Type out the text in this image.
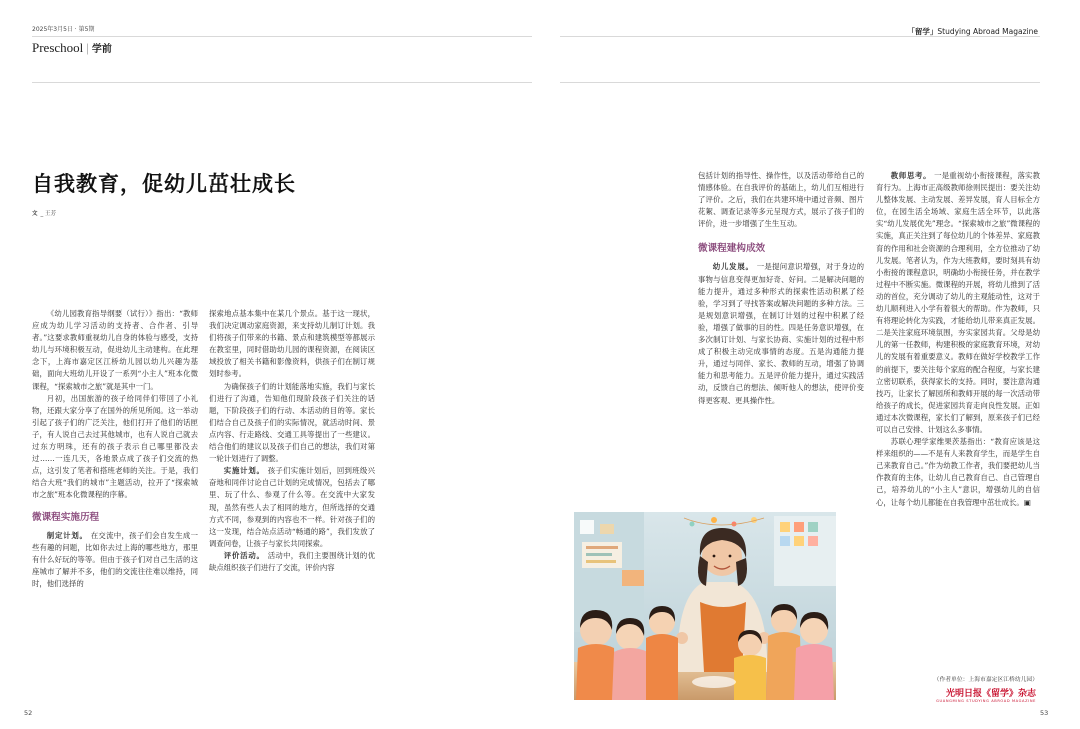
2025年3月5日 · 第5期
Preschool | 学前
自我教育，促幼儿茁壮成长
文 _ 王芳

《幼儿园教育指导纲要（试行）》指出：“教师应成为幼儿学习活动的支持者、合作者、引导者。”这要求教师重视幼儿自身的体验与感受，支持幼儿与环境积极互动，促进幼儿主动建构。在此理念下，上海市嘉定区江桥幼儿园以幼儿兴趣为基础，面向大班幼儿开设了一系列“小主人”班本化微课程，“探索城市之旅”就是其中一门。

月初，出国旅游的孩子给同伴们带回了小礼物，还跟大家分享了在国外的所见所闻。这一举动引起了孩子们的广泛关注，他们打开了他们的话匣子，有人说自己去过其他城市，也有人说自己就去过东方明珠，还有的孩子表示自己哪里都没去过……一连几天，各地景点成了孩子们交流的热点，这引发了笔者和搭班老师的关注。于是，我们结合大班“我们的城市”主题活动，拉开了“探索城市之旅”班本化微课程的序幕。

微课程实施历程

制定计划。 在交流中，孩子们会自发生成一些有趣的问题，比如你去过上海的哪些地方，那里有什么好玩的等等。但由于孩子们对自己生活的这座城市了解并不多，他们的交流往往难以维持，同时，他们选择的

探索地点基本集中在某几个景点。基于这一现状，我们决定调动家庭资源，来支持幼儿制订计划。我们将孩子们带来的书籍、景点和建筑模型等都展示在教室里，同时借助幼儿园的课程资源，在阅读区域投放了相关书籍和影像资料，供孩子们在制订规划时参考。

为确保孩子们的计划能落地实施，我们与家长们进行了沟通，告知他们现阶段孩子们关注的话题，下阶段孩子们的行动、本活动的目的等。家长们结合自己及孩子们的实际情况，就活动时间、景点内容、行走路线、交通工具等提出了一些建议。结合他们的建议以及孩子们自己的想法，我们对第一轮计划进行了调整。

实施计划。 孩子们实施计划后，回到班级兴奋地和同伴讨论自己计划的完成情况，包括去了哪里、玩了什么、参观了什么等。在交流中大家发现，虽然有些人去了相同的地方，但所选择的交通方式不同，参观到的内容也不一样。针对孩子们的这一发现，结合站点活动“畅通的路”，我们发放了调查问卷，让孩子与家长共同探索。

评价活动。 活动中，我们主要围绕计划的优缺点组织孩子们进行了交流，评价内容

「留学」Studying Abroad Magazine

包括计划的指导性、操作性，以及活动带给自己的情感体验。在自我评价的基础上，幼儿们互相进行了评价。之后，我们在共建环境中通过音频、图片花絮、调查记录等多元呈现方式，展示了孩子们的评价，进一步增强了生生互动。

微课程建构成效

幼儿发展。 一是提问意识增强，对于身边的事物与信息变得更加好奇、好问。二是解决问题的能力提升，通过多种形式的探索性活动积累了经验，学习到了寻找答案或解决问题的多种方法。三是规划意识增强，在制订计划的过程中积累了经验，增强了做事的目的性。四是任务意识增强，在多次制订计划、与家长协商、实施计划的过程中形成了积极主动完成事情的态度。五是沟通能力提升，通过与同伴、家长、教师的互动，增强了协调能力和思考能力。五是评价能力提升，通过实践活动，反馈自己的想法、倾听他人的想法，使评价变得更客观、更具操作性。

教师思考。 一是重视幼小衔接课程，落实教育行为。上海市正高级教师徐则民提出：要关注幼儿整体发展、主动发展、差异发展，育人目标全方位，在园生活全场域、家庭生活全环节，以此落实“幼儿发展优先”理念。“探索城市之旅”微课程的实施，真正关注到了每位幼儿的个体差异、家庭教育的作用和社会资源的合理利用，全方位推动了幼儿发展。笔者认为，作为大班教师，要时刻具有幼小衔接的课程意识，明确幼小衔接任务，并在教学过程中不断实施。微课程的开展，将幼儿推到了活动的首位，充分调动了幼儿的主观能动性，这对于幼儿顺利进入小学有着很大的帮助。作为教师，只有将理论转化为实践，才能给幼儿带来真正发展。二是关注家庭环境氛围，夯实家园共育。父母是幼儿的第一任教师，构建积极的家庭教育环境，对幼儿的发展有着重要意义。教师在做好学校教学工作的前提下，要关注每个家庭的配合程度，与家长建立密切联系，获得家长的支持。同时，要注意沟通技巧，让家长了解园所和教师开展的每一次活动带给孩子的成长，促进家园共育走向良性发展。正如通过本次微课程，家长们了解到，原来孩子们已经可以自己安排、计划这么多事情。

苏联心理学家维果茨基指出：“教育应该是这样来组织的——不是有人来教育学生，而是学生自己来教育自己。”作为幼教工作者，我们要把幼儿当作教育的主体，让幼儿自己教育自己、自己管理自己，培养幼儿的“小主人”意识，增强幼儿的自信心，让每个幼儿都能在自我管理中茁壮成长。▣

（作者单位：上海市嘉定区江桥幼儿园）
光明日报《留学》杂志
GUANGMING STUDYING ABROAD MAGAZINE
52	53
